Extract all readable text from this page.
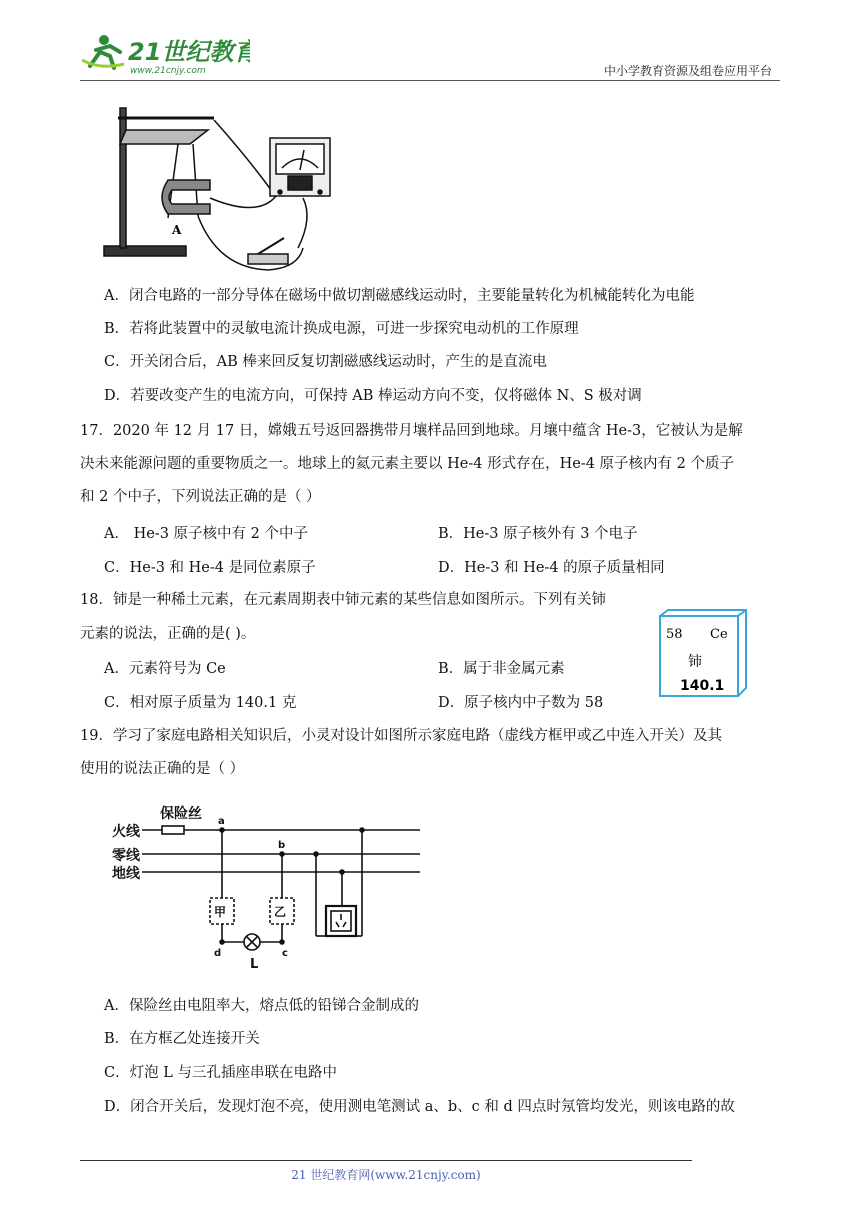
21世纪教育
www.21cnjy.com	中小学教育资源及组卷应用平台
A
A．闭合电路的一部分导体在磁场中做切割磁感线运动时，主要能量转化为机械能转化为电能
B．若将此装置中的灵敏电流计换成电源，可进一步探究电动机的工作原理
C．开关闭合后，AB 棒来回反复切割磁感线运动时，产生的是直流电
D．若要改变产生的电流方向，可保持 AB 棒运动方向不变，仅将磁体 N、S 极对调
17．2020 年 12 月 17 日，嫦娥五号返回器携带月壤样品回到地球。月壤中蕴含 He-3，它被认为是解
决未来能源问题的重要物质之一。地球上的氦元素主要以 He-4 形式存在，He-4 原子核内有 2 个质子
和 2 个中子，下列说法正确的是（ ）
A． He-3 原子核中有 2 个中子	B．He-3 原子核外有 3 个电子
C．He-3 和 He-4 是同位素原子	D．He-3 和 He-4 的原子质量相同
18．铈是一种稀土元素，在元素周期表中铈元素的某些信息如图所示。下列有关铈
元素的说法，正确的是( )。
A．元素符号为 Ce	B．属于非金属元素
C．相对原子质量为 140.1 克	D．原子核内中子数为 58
58 Ce
铈
140.1
19．学习了家庭电路相关知识后，小灵对设计如图所示家庭电路（虚线方框甲或乙中连入开关）及其
使用的说法正确的是（ ）
火线
零线
地线
保险丝 a
b
d	c
L
甲	乙
A．保险丝由电阻率大，熔点低的铅锑合金制成的
B．在方框乙处连接开关
C．灯泡 L 与三孔插座串联在电路中
D．闭合开关后，发现灯泡不亮，使用测电笔测试 a、b、c 和 d 四点时氖管均发光，则该电路的故
21 世纪教育网(www.21cnjy.com)
